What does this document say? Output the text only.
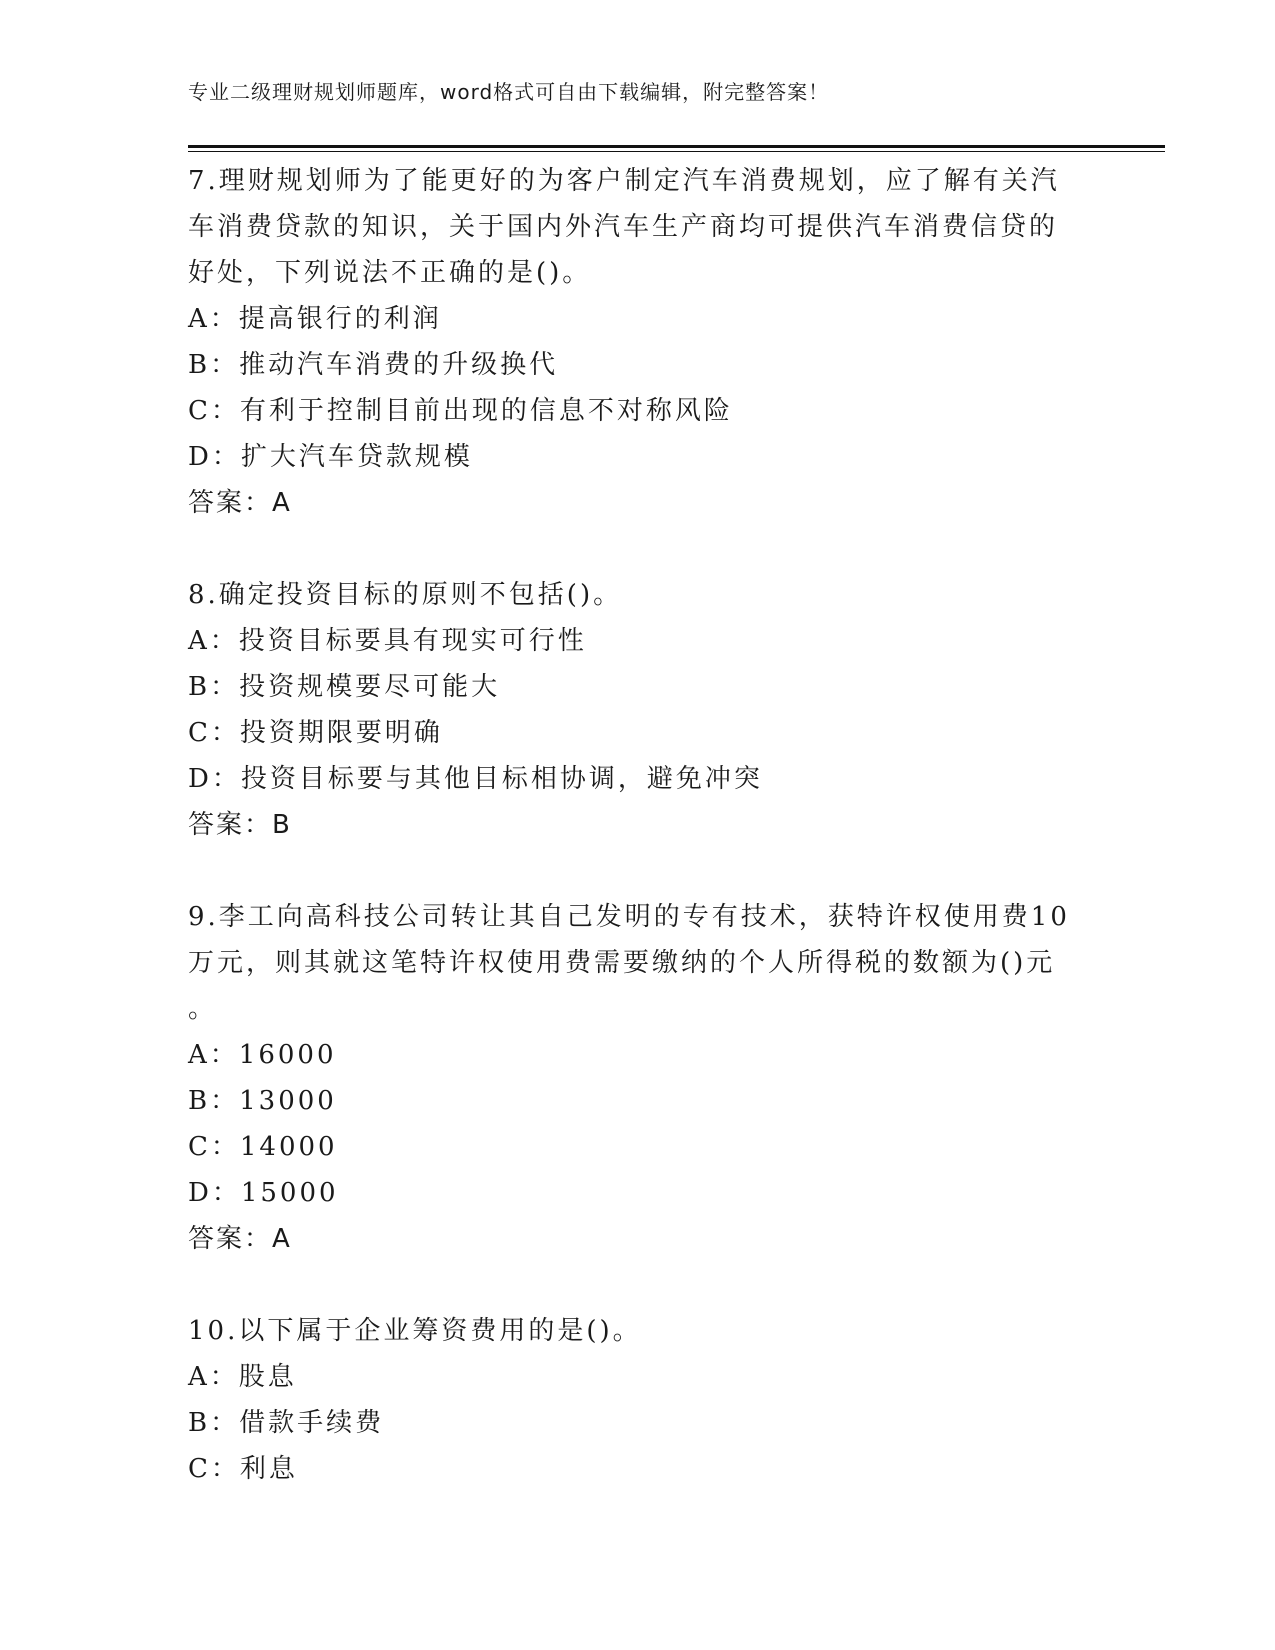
专业二级理财规划师题库，word格式可自由下载编辑，附完整答案！
7.理财规划师为了能更好的为客户制定汽车消费规划，应了解有关汽
车消费贷款的知识，关于国内外汽车生产商均可提供汽车消费信贷的
好处，下列说法不正确的是()。
A：提高银行的利润
B：推动汽车消费的升级换代
C：有利于控制目前出现的信息不对称风险
D：扩大汽车贷款规模
答案：A
8.确定投资目标的原则不包括()。
A：投资目标要具有现实可行性
B：投资规模要尽可能大
C：投资期限要明确
D：投资目标要与其他目标相协调，避免冲突
答案：B
9.李工向高科技公司转让其自己发明的专有技术，获特许权使用费10
万元，则其就这笔特许权使用费需要缴纳的个人所得税的数额为()元
。
A：16000
B：13000
C：14000
D：15000
答案：A
10.以下属于企业筹资费用的是()。
A：股息
B：借款手续费
C：利息
